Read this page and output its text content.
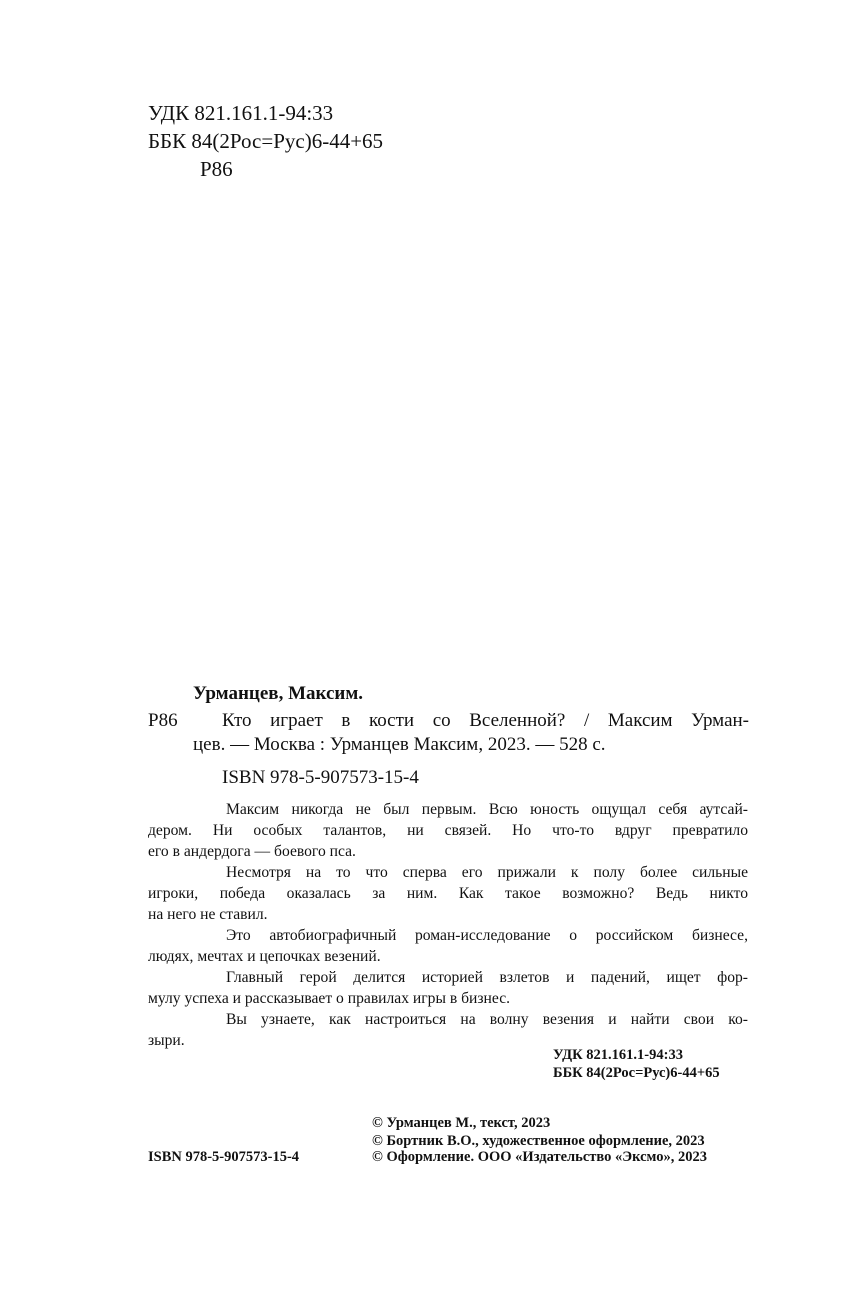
УДК 821.161.1-94:33
ББК 84(2Рос=Рус)6-44+65
Р86
Урманцев, Максим.
Р86 Кто играет в кости со Вселенной? / Максим Урман-
цев. — Москва : Урманцев Максим, 2023. — 528 с.
ISBN 978-5-907573-15-4

Максим никогда не был первым. Всю юность ощущал себя аутсай-

дером. Ни особых талантов, ни связей. Но что-то вдруг превратило
его в андердога — боевого пса.

Несмотря на то что сперва его прижали к полу более сильные

игроки, победа оказалась за ним. Как такое возможно? Ведь никто
на него не ставил.

Это автобиографичный роман-исследование о российском бизнесе,

людях, мечтах и цепочках везений.

Главный герой делится историей взлетов и падений, ищет фор-

мулу успеха и рассказывает о правилах игры в бизнес.

Вы узнаете, как настроиться на волну везения и найти свои ко-

зыри.

УДК 821.161.1-94:33
ББК 84(2Рос=Рус)6-44+65
© Урманцев М., текст, 2023
© Бортник В.О., художественное оформление, 2023
ISBN 978-5-907573-15-4	© Оформление. ООО «Издательство «Эксмо», 2023
